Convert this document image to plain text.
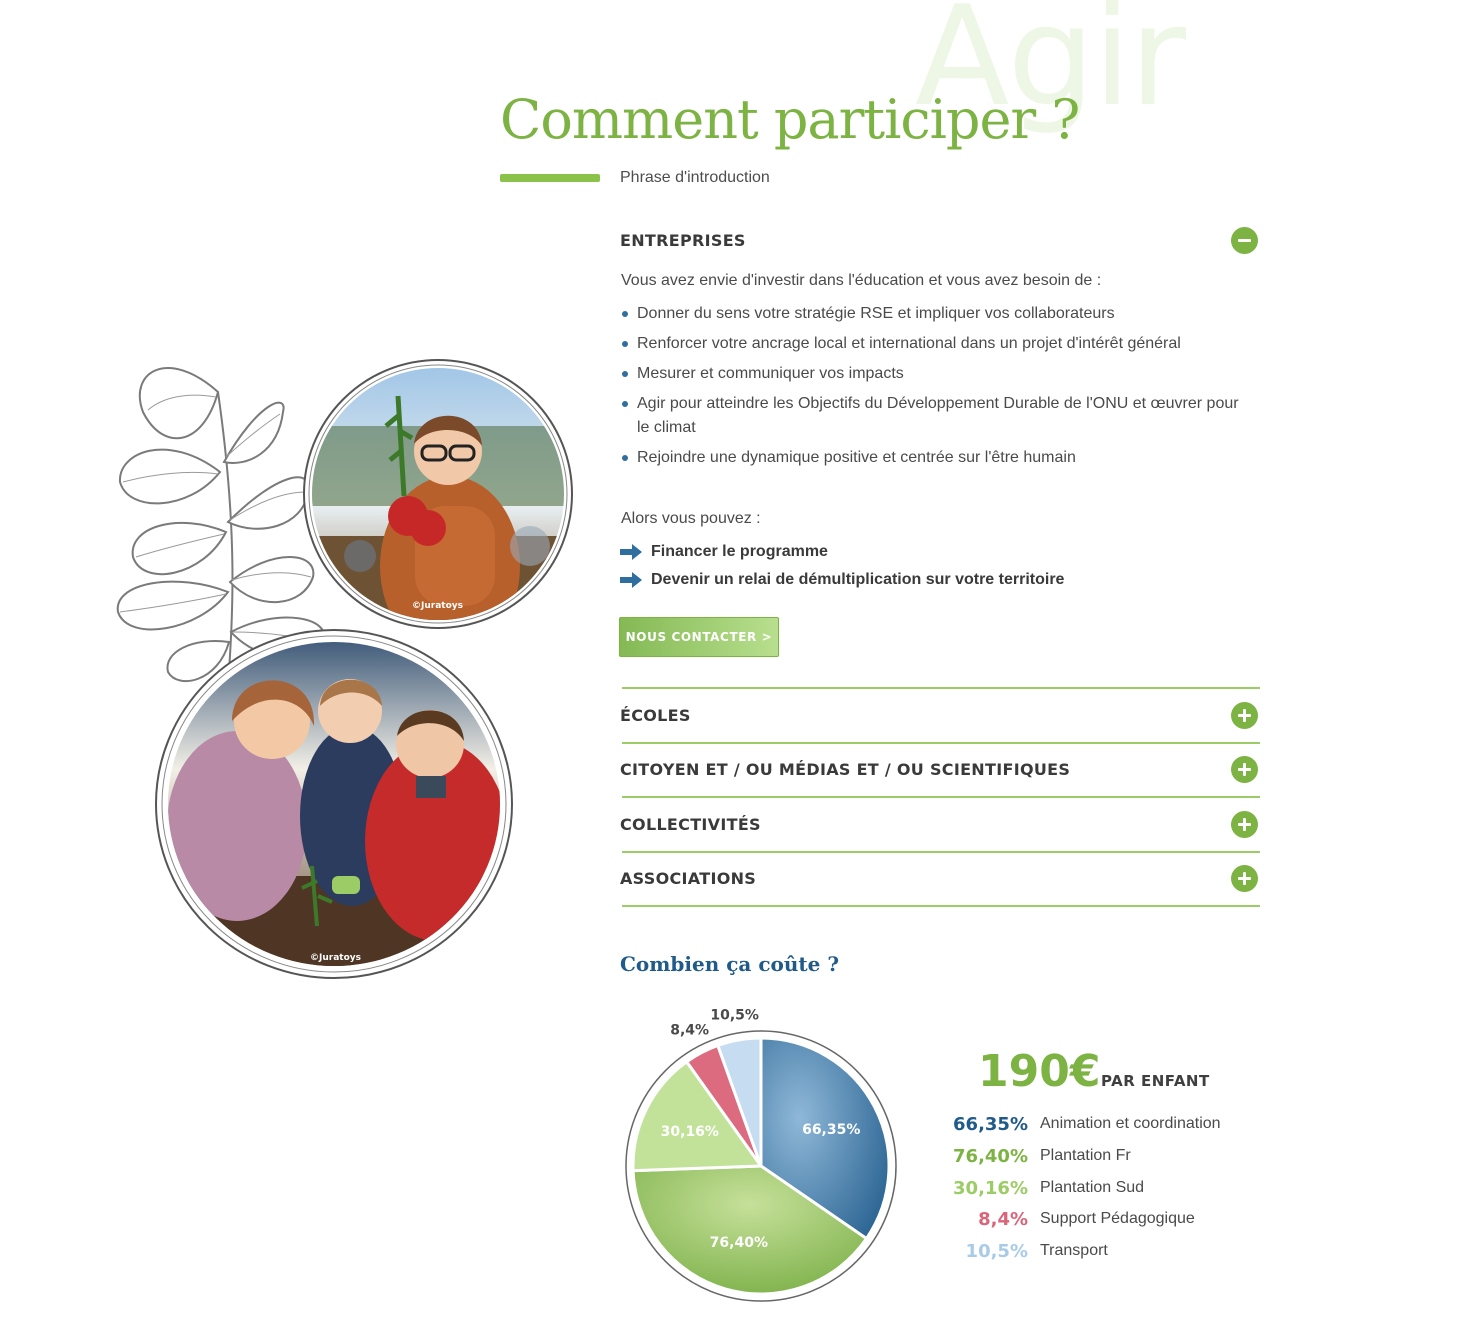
Agir
Comment participer ?
Phrase d'introduction
©Juratoys
©Juratoys
ENTREPRISES
Vous avez envie d'investir dans l'éducation et vous avez besoin de :
Donner du sens votre stratégie RSE et impliquer vos collaborateurs
Renforcer votre ancrage local et international dans un projet d'intérêt général
Mesurer et communiquer vos impacts
Agir pour atteindre les Objectifs du Développement Durable de l'ONU et œuvrer pour le climat
Rejoindre une dynamique positive et centrée sur l'être humain
Alors vous pouvez :
Financer le programme
Devenir un relai de démultiplication sur votre territoire
NOUS CONTACTER >
ÉCOLES
CITOYEN ET / OU MÉDIAS ET / OU SCIENTIFIQUES
COLLECTIVITÉS
ASSOCIATIONS
Combien ça coûte ?
66,35%
76,40%
30,16%
8,4%
10,5%
190€ PAR ENFANT
66,35% Animation et coordination
76,40% Plantation Fr
30,16% Plantation Sud
8,4% Support Pédagogique
10,5% Transport
